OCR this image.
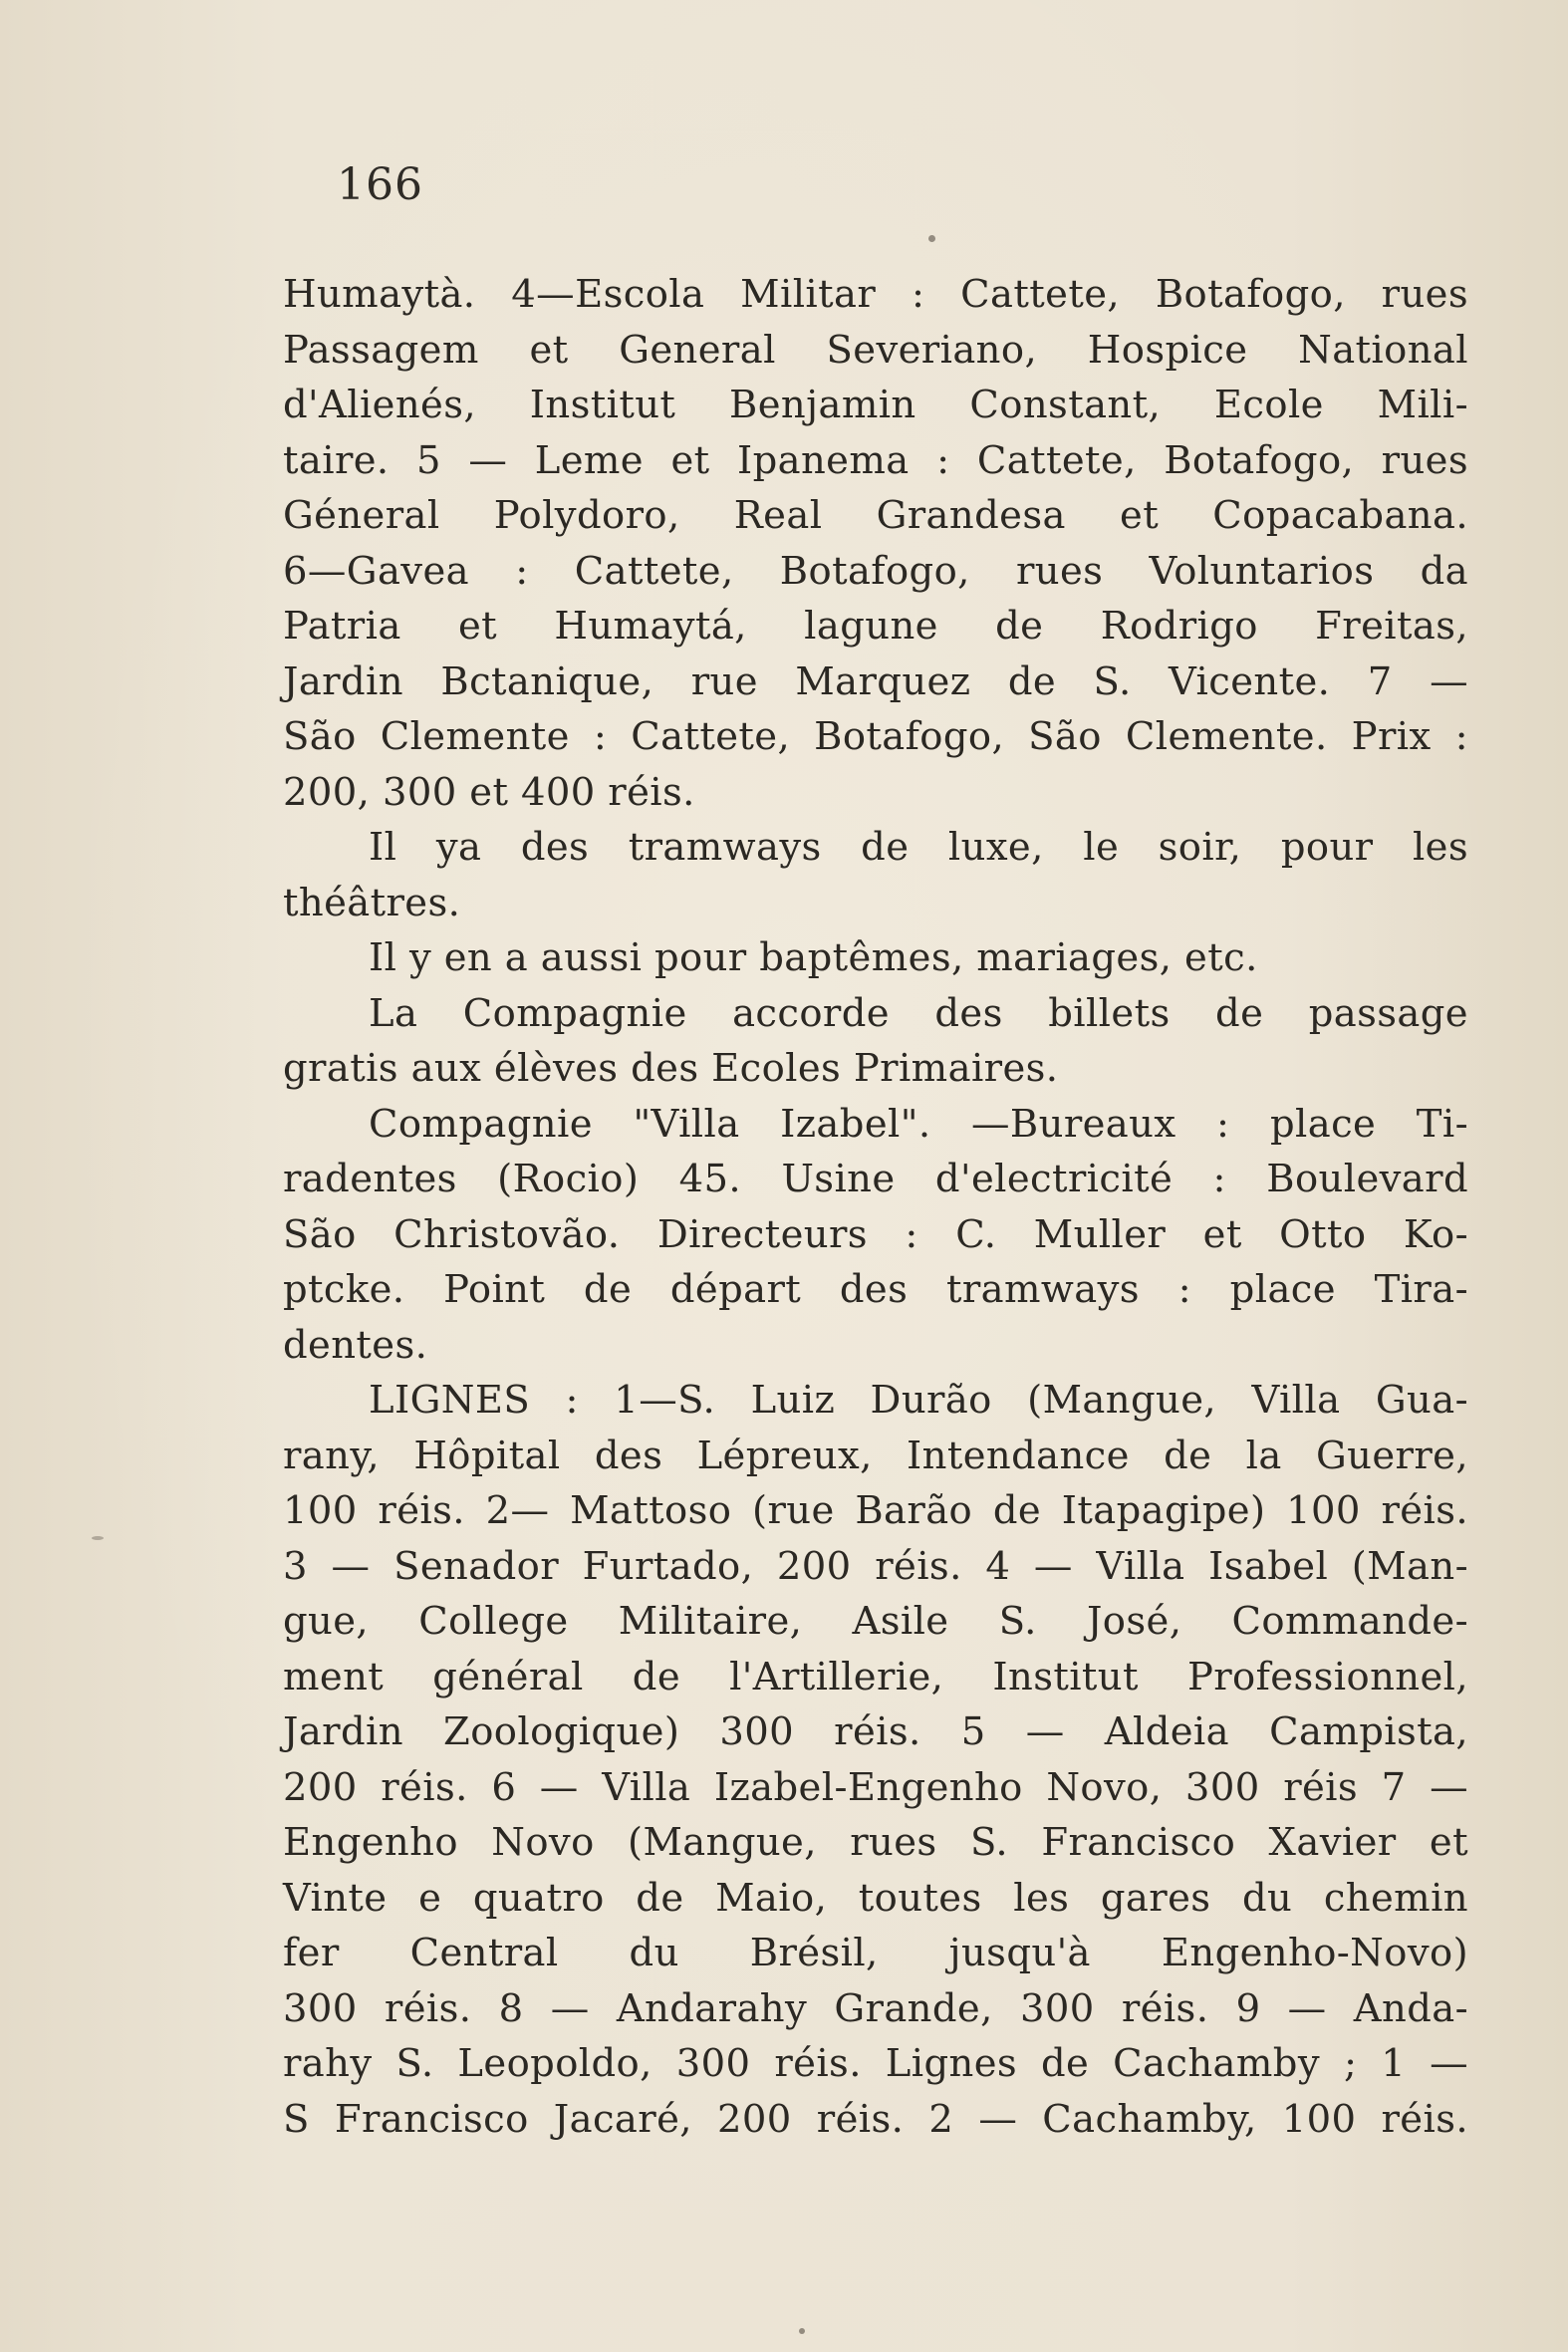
166
Humaytà. 4—Escola Militar : Cattete, Botafogo, rues
Passagem et General Severiano, Hospice National
d'Alienés, Institut Benjamin Constant, Ecole Mili-
taire. 5 — Leme et Ipanema : Cattete, Botafogo, rues
Géneral Polydoro, Real Grandesa et Copacabana.
6—Gavea : Cattete, Botafogo, rues Voluntarios da
Patria et Humaytá, lagune de Rodrigo Freitas,
Jardin Bctanique, rue Marquez de S. Vicente. 7 —
São Clemente : Cattete, Botafogo, São Clemente. Prix :
200, 300 et 400 réis.
Il ya des tramways de luxe, le soir, pour les
théâtres.
Il y en a aussi pour baptêmes, mariages, etc.
La Compagnie accorde des billets de passage
gratis aux élèves des Ecoles Primaires.
Compagnie "Villa Izabel". —Bureaux : place Ti-
radentes (Rocio) 45. Usine d'electricité : Boulevard
São Christovão. Directeurs : C. Muller et Otto Ko-
ptcke. Point de départ des tramways : place Tira-
dentes.
LIGNES : 1—S. Luiz Durão (Mangue, Villa Gua-
rany, Hôpital des Lépreux, Intendance de la Guerre,
100 réis. 2— Mattoso (rue Barão de Itapagipe) 100 réis.
3 — Senador Furtado, 200 réis. 4 — Villa Isabel (Man-
gue, College Militaire, Asile S. José, Commande-
ment général de l'Artillerie, Institut Professionnel,
Jardin Zoologique) 300 réis. 5 — Aldeia Campista,
200 réis. 6 — Villa Izabel-Engenho Novo, 300 réis 7 —
Engenho Novo (Mangue, rues S. Francisco Xavier et
Vinte e quatro de Maio, toutes les gares du chemin
fer Central du Brésil, jusqu'à Engenho-Novo)
300 réis. 8 — Andarahy Grande, 300 réis. 9 — Anda-
rahy S. Leopoldo, 300 réis. Lignes de Cachamby ; 1 —
S Francisco Jacaré, 200 réis. 2 — Cachamby, 100 réis.
